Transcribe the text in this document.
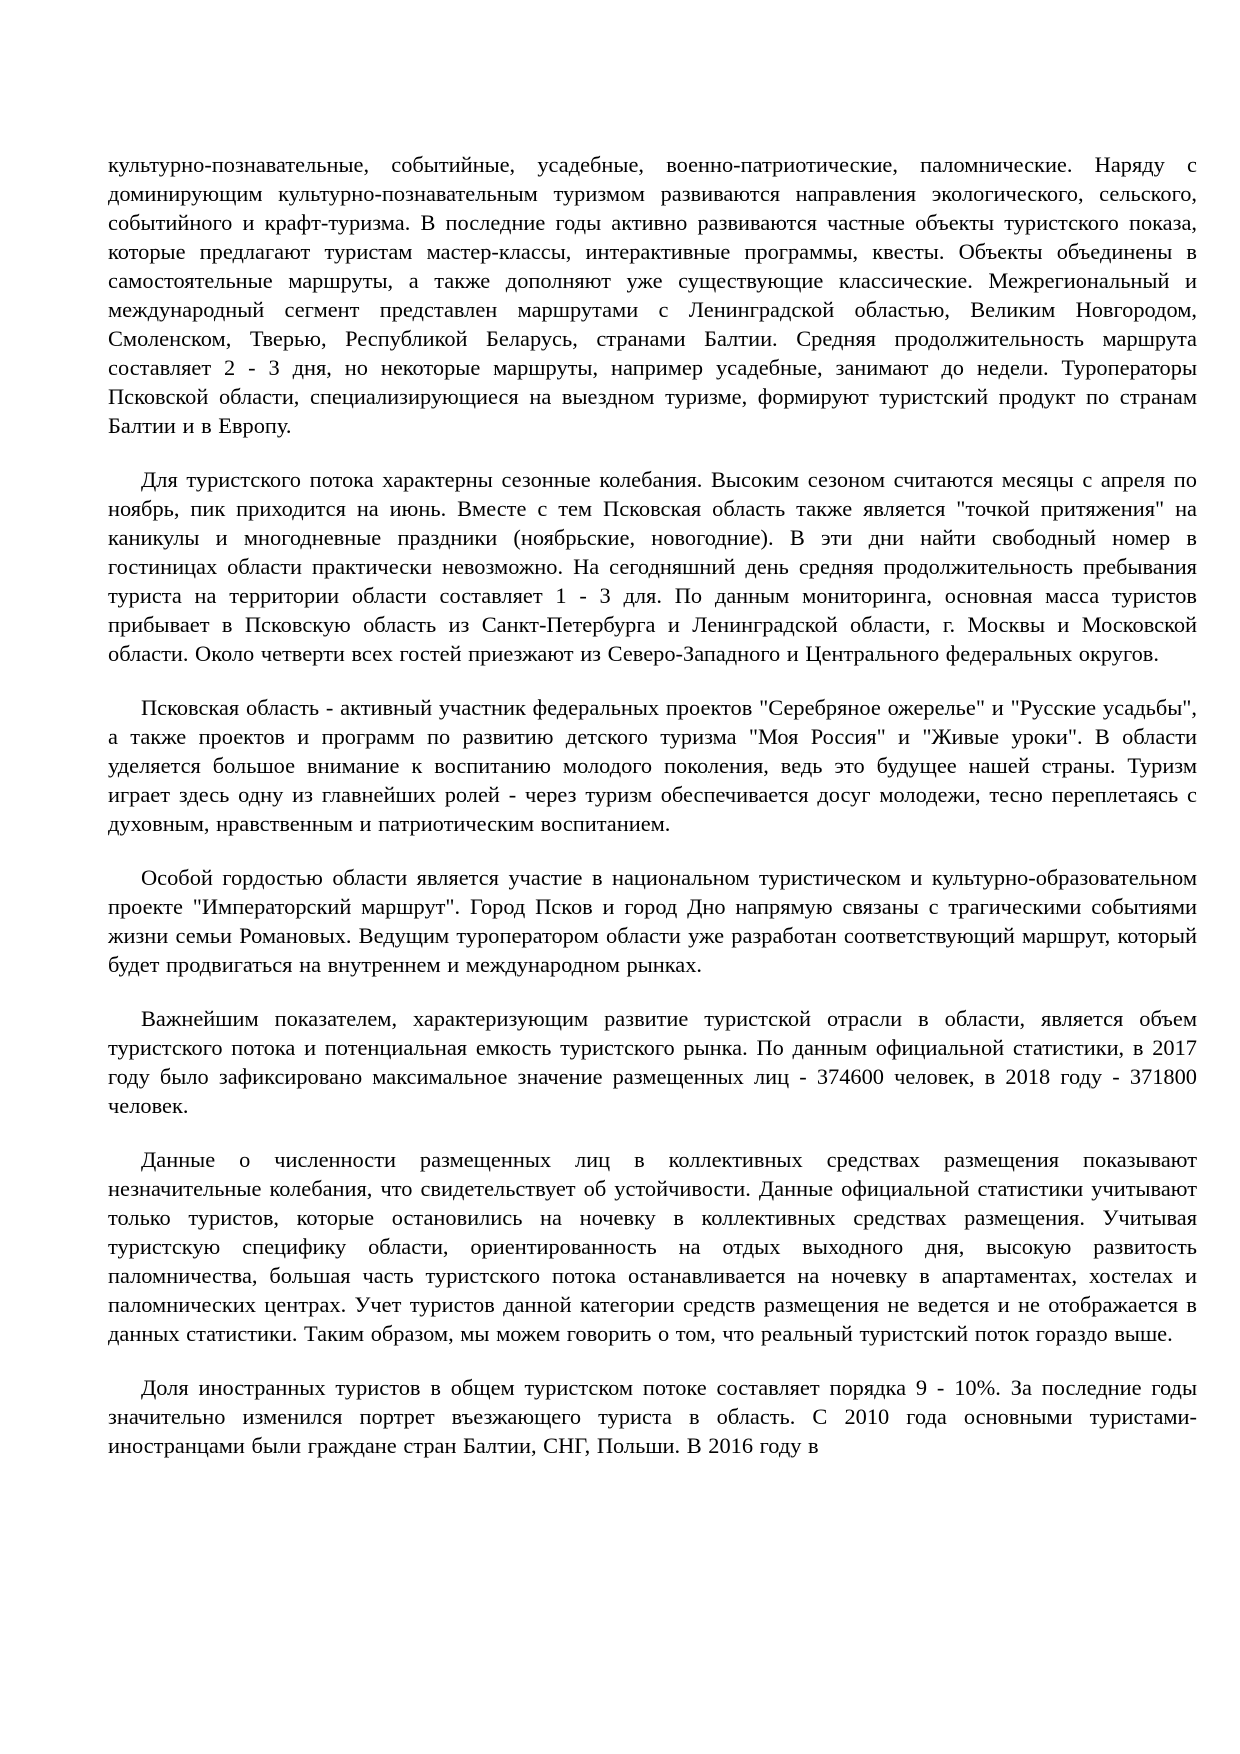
культурно-познавательные, событийные, усадебные, военно-патриотические, паломнические. Наряду с доминирующим культурно-познавательным туризмом развиваются направления экологического, сельского, событийного и крафт-туризма. В последние годы активно развиваются частные объекты туристского показа, которые предлагают туристам мастер-классы, интерактивные программы, квесты. Объекты объединены в самостоятельные маршруты, а также дополняют уже существующие классические. Межрегиональный и международный сегмент представлен маршрутами с Ленинградской областью, Великим Новгородом, Смоленском, Тверью, Республикой Беларусь, странами Балтии. Средняя продолжительность маршрута составляет 2 - 3 дня, но некоторые маршруты, например усадебные, занимают до недели. Туроператоры Псковской области, специализирующиеся на выездном туризме, формируют туристский продукт по странам Балтии и в Европу.

Для туристского потока характерны сезонные колебания. Высоким сезоном считаются месяцы с апреля по ноябрь, пик приходится на июнь. Вместе с тем Псковская область также является "точкой притяжения" на каникулы и многодневные праздники (ноябрьские, новогодние). В эти дни найти свободный номер в гостиницах области практически невозможно. На сегодняшний день средняя продолжительность пребывания туриста на территории области составляет 1 - 3 для. По данным мониторинга, основная масса туристов прибывает в Псковскую область из Санкт-Петербурга и Ленинградской области, г. Москвы и Московской области. Около четверти всех гостей приезжают из Северо-Западного и Центрального федеральных округов.

Псковская область - активный участник федеральных проектов "Серебряное ожерелье" и "Русские усадьбы", а также проектов и программ по развитию детского туризма "Моя Россия" и "Живые уроки". В области уделяется большое внимание к воспитанию молодого поколения, ведь это будущее нашей страны. Туризм играет здесь одну из главнейших ролей - через туризм обеспечивается досуг молодежи, тесно переплетаясь с духовным, нравственным и патриотическим воспитанием.

Особой гордостью области является участие в национальном туристическом и культурно-образовательном проекте "Императорский маршрут". Город Псков и город Дно напрямую связаны с трагическими событиями жизни семьи Романовых. Ведущим туроператором области уже разработан соответствующий маршрут, который будет продвигаться на внутреннем и международном рынках.

Важнейшим показателем, характеризующим развитие туристской отрасли в области, является объем туристского потока и потенциальная емкость туристского рынка. По данным официальной статистики, в 2017 году было зафиксировано максимальное значение размещенных лиц - 374600 человек, в 2018 году - 371800 человек.

Данные о численности размещенных лиц в коллективных средствах размещения показывают незначительные колебания, что свидетельствует об устойчивости. Данные официальной статистики учитывают только туристов, которые остановились на ночевку в коллективных средствах размещения. Учитывая туристскую специфику области, ориентированность на отдых выходного дня, высокую развитость паломничества, большая часть туристского потока останавливается на ночевку в апартаментах, хостелах и паломнических центрах. Учет туристов данной категории средств размещения не ведется и не отображается в данных статистики. Таким образом, мы можем говорить о том, что реальный туристский поток гораздо выше.

Доля иностранных туристов в общем туристском потоке составляет порядка 9 - 10%. За последние годы значительно изменился портрет въезжающего туриста в область. С 2010 года основными туристами-иностранцами были граждане стран Балтии, СНГ, Польши. В 2016 году в
